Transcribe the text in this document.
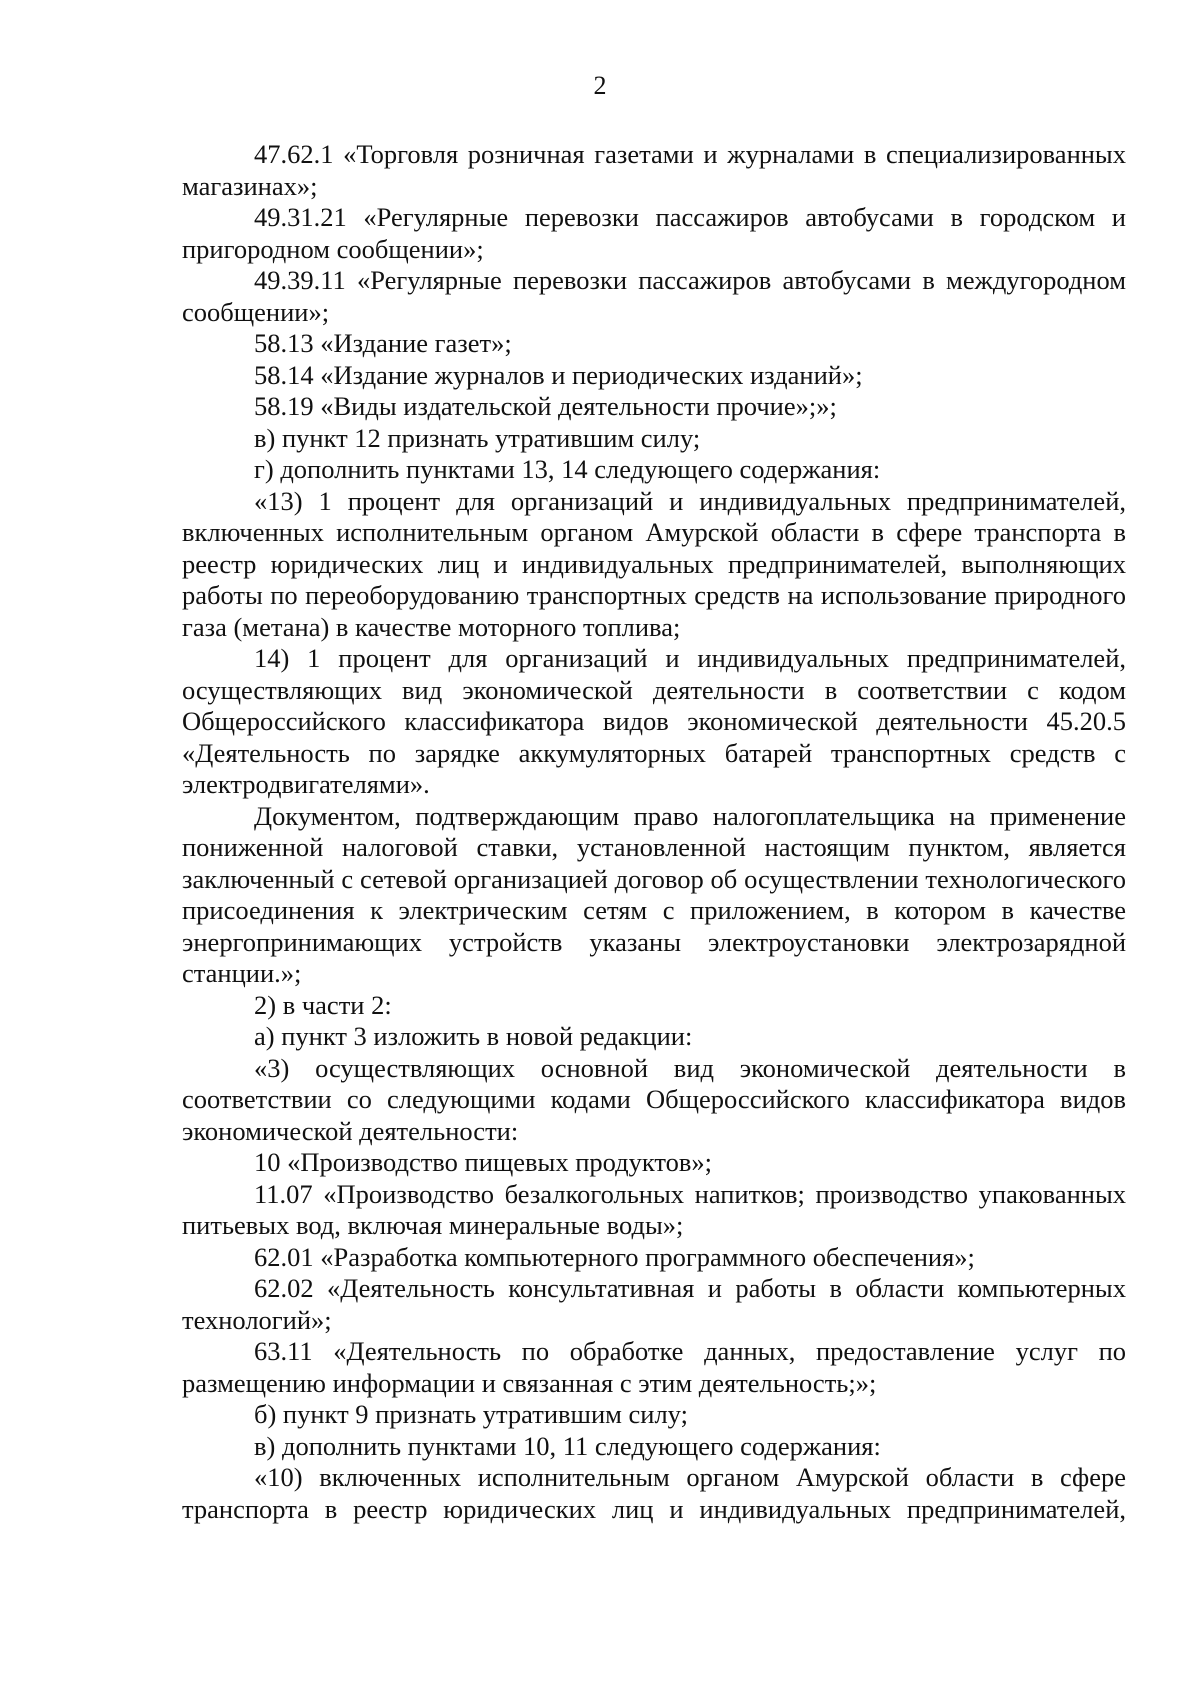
2

47.62.1 «Торговля розничная газетами и журналами в специализированных магазинах»;

49.31.21 «Регулярные перевозки пассажиров автобусами в городском и пригородном сообщении»;

49.39.11 «Регулярные перевозки пассажиров автобусами в междугородном сообщении»;

58.13 «Издание газет»;

58.14 «Издание журналов и периодических изданий»;

58.19 «Виды издательской деятельности прочие»;»;

в) пункт 12 признать утратившим силу;

г) дополнить пунктами 13, 14 следующего содержания:

«13) 1 процент для организаций и индивидуальных предпринимателей, включенных исполнительным органом Амурской области в сфере транспорта в реестр юридических лиц и индивидуальных предпринимателей, выполняющих работы по переоборудованию транспортных средств на использование природного газа (метана) в качестве моторного топлива;

14) 1 процент для организаций и индивидуальных предпринимателей, осуществляющих вид экономической деятельности в соответствии с кодом Общероссийского классификатора видов экономической деятельности 45.20.5 «Деятельность по зарядке аккумуляторных батарей транспортных средств с электродвигателями».

Документом, подтверждающим право налогоплательщика на применение пониженной налоговой ставки, установленной настоящим пунктом, является заключенный с сетевой организацией договор об осуществлении технологического присоединения к электрическим сетям с приложением, в котором в качестве энергопринимающих устройств указаны электроустановки электрозарядной станции.»;

2) в части 2:

а) пункт 3 изложить в новой редакции:

«3) осуществляющих основной вид экономической деятельности в соответствии со следующими кодами Общероссийского классификатора видов экономической деятельности:

10 «Производство пищевых продуктов»;

11.07 «Производство безалкогольных напитков; производство упакованных питьевых вод, включая минеральные воды»;

62.01 «Разработка компьютерного программного обеспечения»;

62.02 «Деятельность консультативная и работы в области компьютерных технологий»;

63.11 «Деятельность по обработке данных, предоставление услуг по размещению информации и связанная с этим деятельность;»;

б) пункт 9 признать утратившим силу;

в) дополнить пунктами 10, 11 следующего содержания:

«10) включенных исполнительным органом Амурской области в сфере транспорта в реестр юридических лиц и индивидуальных предпринимателей,
